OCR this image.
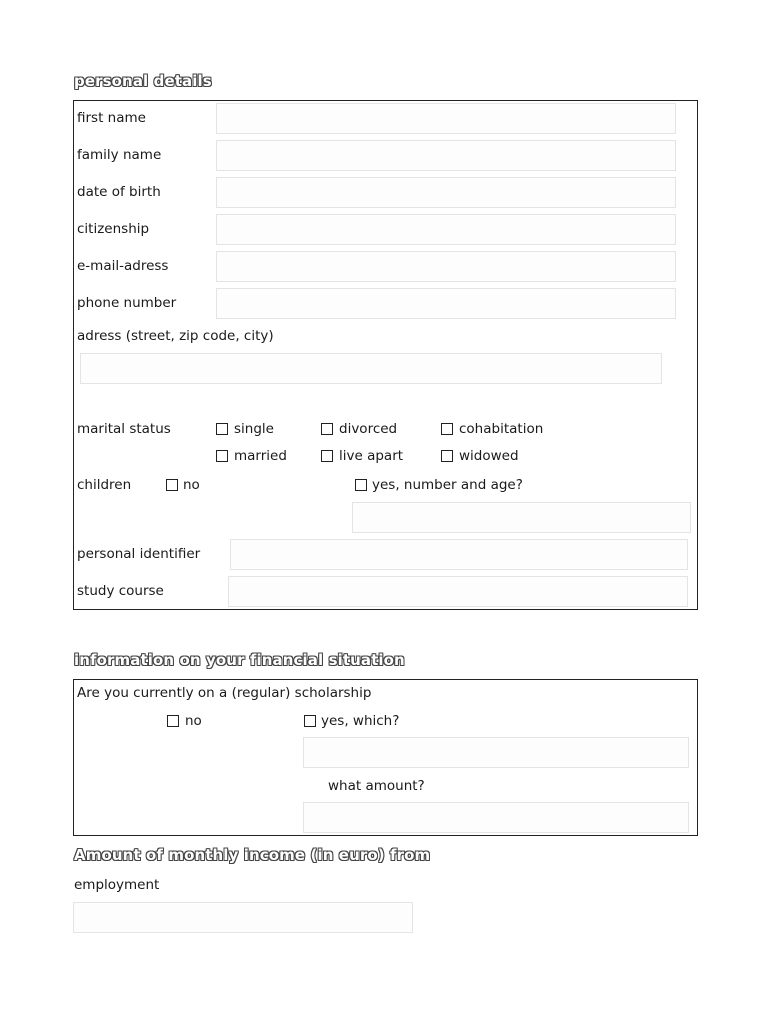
personal details
first name
family name
date of birth
citizenship
e-mail-adress
phone number
adress (street, zip code, city)
marital status	single	divorced	cohabitation
married	live apart	widowed
children	no	yes, number and age?
personal identifier
study course
information on your financial situation
Are you currently on a (regular) scholarship
no	yes, which?
what amount?
Amount of monthly income (in euro) from
employment
